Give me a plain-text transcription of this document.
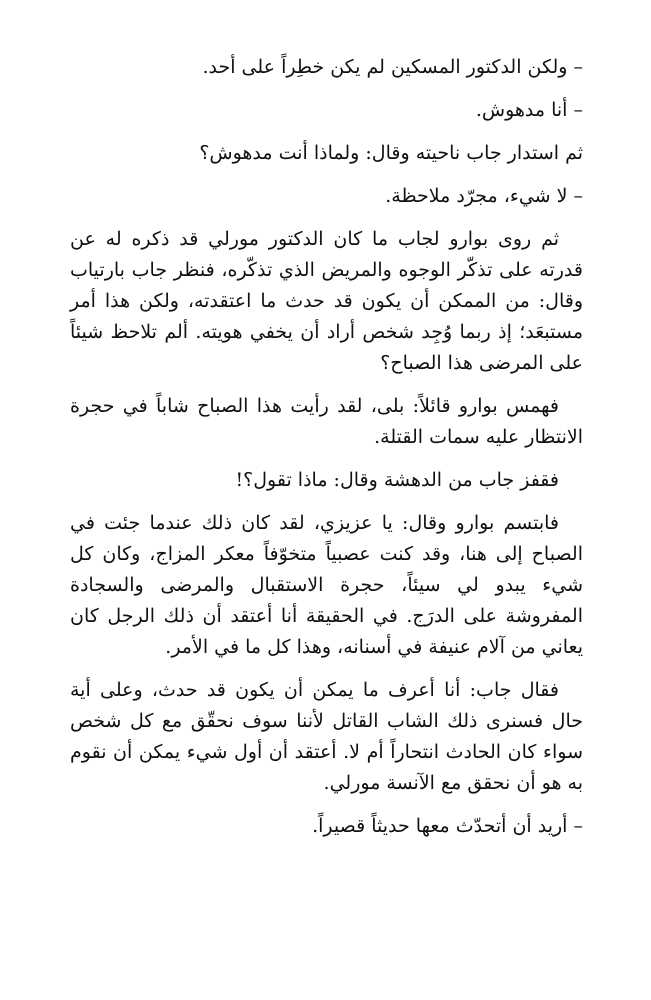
– ولكن الدكتور المسكين لم يكن خطِراً على أحد.

– أنا مدهوش.

ثم استدار جاب ناحيته وقال: ولماذا أنت مدهوش؟

– لا شيء، مجرّد ملاحظة.

ثم روى بوارو لجاب ما كان الدكتور مورلي قد ذكره له عن قدرته على تذكّر الوجوه والمريض الذي تذكّره، فنظر جاب بارتياب وقال: من الممكن أن يكون قد حدث ما اعتقدته، ولكن هذا أمر مستبعَد؛ إذ ربما وُجِد شخص أراد أن يخفي هويته. ألم تلاحظ شيئاً على المرضى هذا الصباح؟

فهمس بوارو قائلاً: بلى، لقد رأيت هذا الصباح شاباً في حجرة الانتظار عليه سمات القتلة.

فقفز جاب من الدهشة وقال: ماذا تقول؟!

فابتسم بوارو وقال: يا عزيزي، لقد كان ذلك عندما جئت في الصباح إلى هنا، وقد كنت عصبياً متخوّفاً معكر المزاج، وكان كل شيء يبدو لي سيئاً، حجرة الاستقبال والمرضى والسجادة المفروشة على الدرَج. في الحقيقة أنا أعتقد أن ذلك الرجل كان يعاني من آلام عنيفة في أسنانه، وهذا كل ما في الأمر.

فقال جاب: أنا أعرف ما يمكن أن يكون قد حدث، وعلى أية حال فسنرى ذلك الشاب القاتل لأننا سوف نحقّق مع كل شخص سواء كان الحادث انتحاراً أم لا. أعتقد أن أول شيء يمكن أن نقوم به هو أن نحقق مع الآنسة مورلي.

– أريد أن أتحدّث معها حديثاً قصيراً.
